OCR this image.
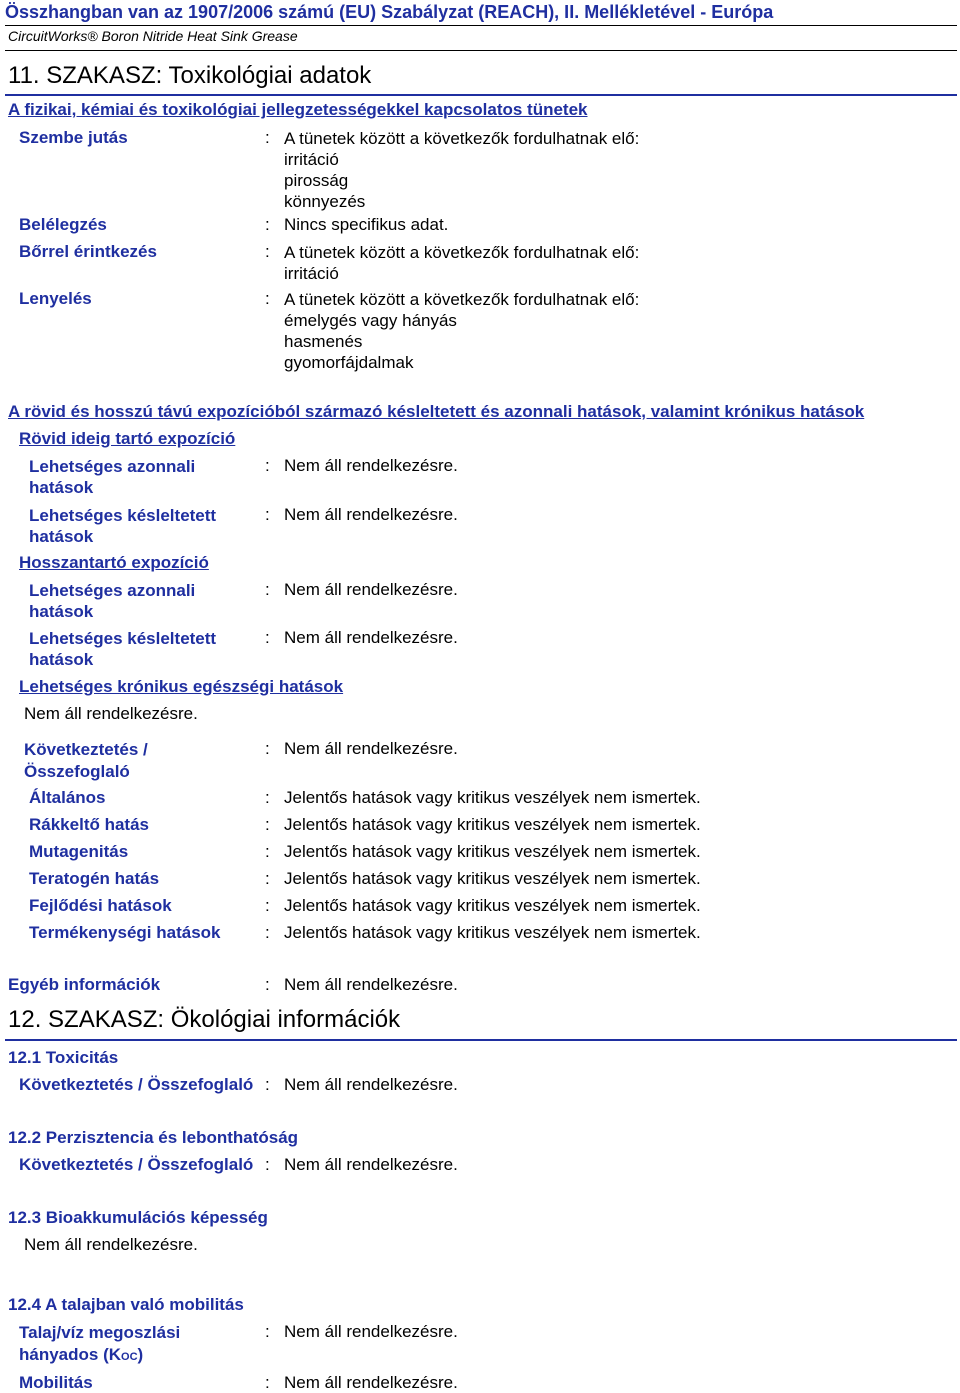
Összhangban van az 1907/2006 számú (EU) Szabályzat (REACH), II. Mellékletével - Európa
CircuitWorks® Boron Nitride Heat Sink Grease
11. SZAKASZ: Toxikológiai adatok
A fizikai, kémiai és toxikológiai jellegzetességekkel kapcsolatos tünetek
Szembe jutás	: A tünetek között a következők fordulhatnak elő:
irritáció
pirosság
könnyezés
Belélegzés	: Nincs specifikus adat.
Bőrrel érintkezés	: A tünetek között a következők fordulhatnak elő:
irritáció
Lenyelés	: A tünetek között a következők fordulhatnak elő:
émelygés vagy hányás
hasmenés
gyomorfájdalmak
A rövid és hosszú távú expozícióból származó késleltetett és azonnali hatások, valamint krónikus hatások
Rövid ideig tartó expozíció
Lehetséges azonnali
hatások
: Nem áll rendelkezésre.
Lehetséges késleltetett
hatások
: Nem áll rendelkezésre.
Hosszantartó expozíció
Lehetséges azonnali
hatások
: Nem áll rendelkezésre.
Lehetséges késleltetett
hatások
: Nem áll rendelkezésre.
Lehetséges krónikus egészségi hatások
Nem áll rendelkezésre.
Következtetés /
Összefoglaló
: Nem áll rendelkezésre.
Általános	: Jelentős hatások vagy kritikus veszélyek nem ismertek.
Rákkeltő hatás	: Jelentős hatások vagy kritikus veszélyek nem ismertek.
Mutagenitás	: Jelentős hatások vagy kritikus veszélyek nem ismertek.
Teratogén hatás	: Jelentős hatások vagy kritikus veszélyek nem ismertek.
Fejlődési hatások	: Jelentős hatások vagy kritikus veszélyek nem ismertek.
Termékenységi hatások	: Jelentős hatások vagy kritikus veszélyek nem ismertek.
Egyéb információk	: Nem áll rendelkezésre.
12. SZAKASZ: Ökológiai információk
12.1 Toxicitás
Következtetés / Összefoglaló : Nem áll rendelkezésre.
12.2 Perzisztencia és lebonthatóság
Következtetés / Összefoglaló : Nem áll rendelkezésre.
12.3 Bioakkumulációs képesség
Nem áll rendelkezésre.
12.4 A talajban való mobilitás
Talaj/víz megoszlási
hányados (KOC)
: Nem áll rendelkezésre.
Mobilitás	: Nem áll rendelkezésre.
